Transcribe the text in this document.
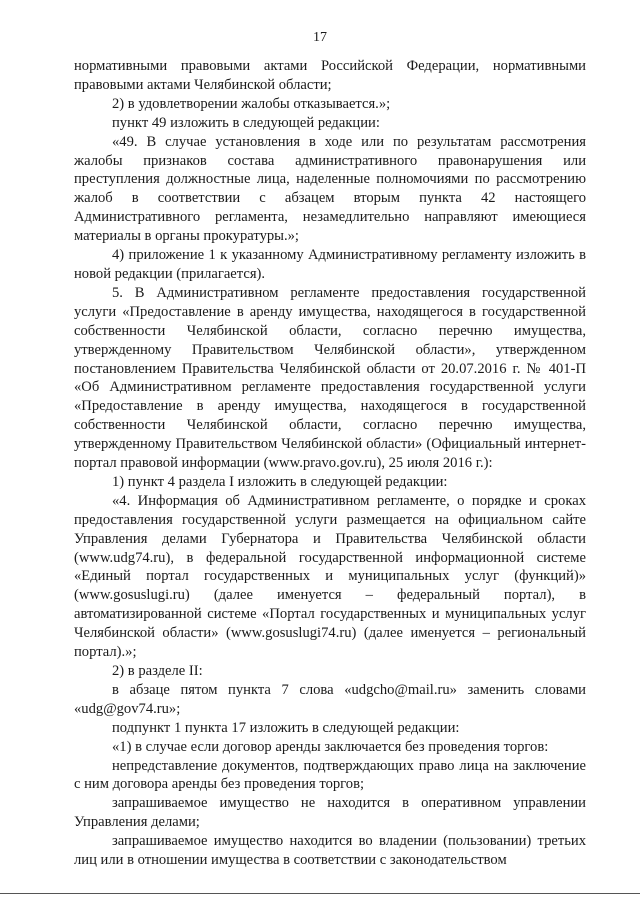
17

нормативными правовыми актами Российской Федерации, нормативными правовыми актами Челябинской области;

2) в удовлетворении жалобы отказывается.»;

пункт 49 изложить в следующей редакции:

«49. В случае установления в ходе или по результатам рассмотрения жалобы признаков состава административного правонарушения или преступления должностные лица, наделенные полномочиями по рассмотрению жалоб в соответствии с абзацем вторым пункта 42 настоящего Административного регламента, незамедлительно направляют имеющиеся материалы в органы прокуратуры.»;

4) приложение 1 к указанному Административному регламенту изложить в новой редакции (прилагается).

5. В Административном регламенте предоставления государственной услуги «Предоставление в аренду имущества, находящегося в государственной собственности Челябинской области, согласно перечню имущества, утвержденному Правительством Челябинской области», утвержденном постановлением Правительства Челябинской области от 20.07.2016 г. № 401-П «Об Административном регламенте предоставления государственной услуги «Предоставление в аренду имущества, находящегося в государственной собственности Челябинской области, согласно перечню имущества, утвержденному Правительством Челябинской области» (Официальный интернет-портал правовой информации (www.pravo.gov.ru), 25 июля 2016 г.):

1) пункт 4 раздела I изложить в следующей редакции:

«4. Информация об Административном регламенте, о порядке и сроках предоставления государственной услуги размещается на официальном сайте Управления делами Губернатора и Правительства Челябинской области (www.udg74.ru), в федеральной государственной информационной системе «Единый портал государственных и муниципальных услуг (функций)» (www.gosuslugi.ru) (далее именуется – федеральный портал), в автоматизированной системе «Портал государственных и муниципальных услуг Челябинской области» (www.gosuslugi74.ru) (далее именуется – региональный портал).»;

2) в разделе II:

в абзаце пятом пункта 7 слова «udgcho@mail.ru» заменить словами «udg@gov74.ru»;

подпункт 1 пункта 17 изложить в следующей редакции:

«1) в случае если договор аренды заключается без проведения торгов:

непредставление документов, подтверждающих право лица на заключение с ним договора аренды без проведения торгов;

запрашиваемое имущество не находится в оперативном управлении Управления делами;

запрашиваемое имущество находится во владении (пользовании) третьих лиц или в отношении имущества в соответствии с законодательством
